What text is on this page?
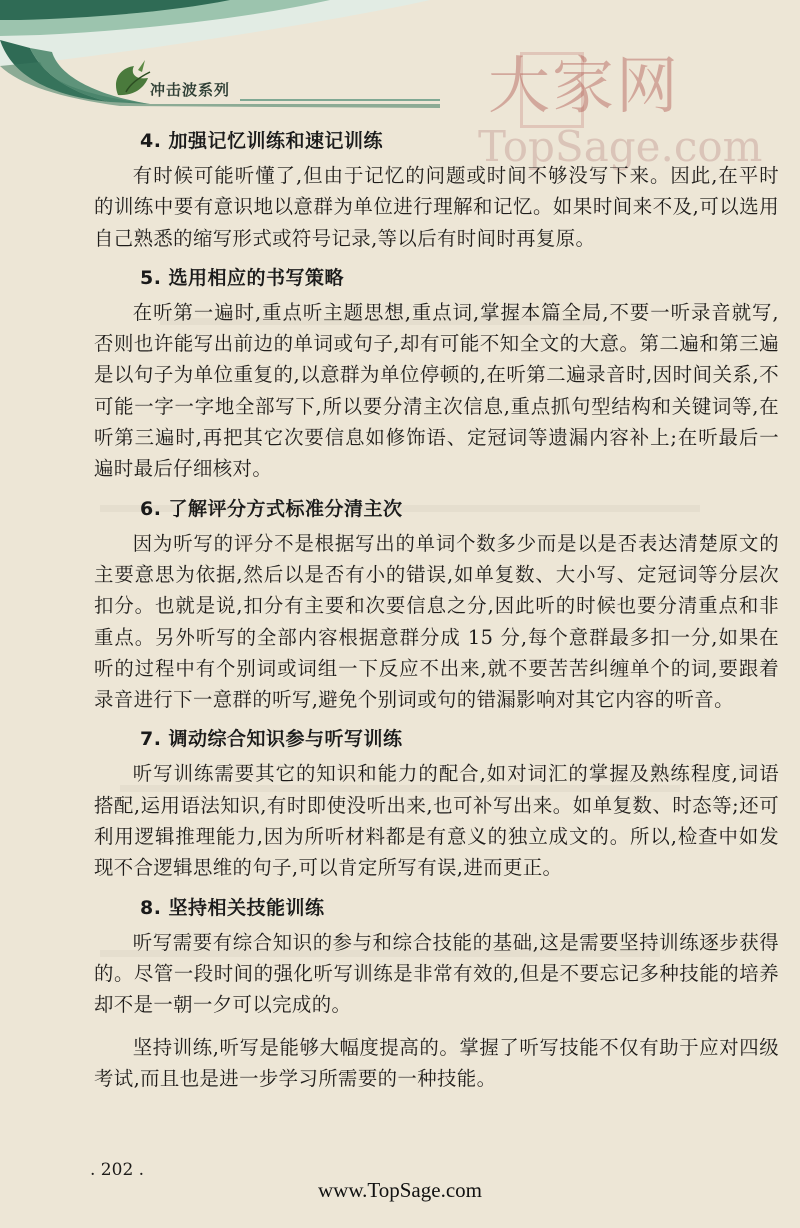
冲击波系列	大家网
TopSage.com
4. 加强记忆训练和速记训练

有时候可能听懂了,但由于记忆的问题或时间不够没写下来。因此,在平时的训练中要有意识地以意群为单位进行理解和记忆。如果时间来不及,可以选用自己熟悉的缩写形式或符号记录,等以后有时间时再复原。

5. 选用相应的书写策略

在听第一遍时,重点听主题思想,重点词,掌握本篇全局,不要一听录音就写,否则也许能写出前边的单词或句子,却有可能不知全文的大意。第二遍和第三遍是以句子为单位重复的,以意群为单位停顿的,在听第二遍录音时,因时间关系,不可能一字一字地全部写下,所以要分清主次信息,重点抓句型结构和关键词等,在听第三遍时,再把其它次要信息如修饰语、定冠词等遗漏内容补上;在听最后一遍时最后仔细核对。

6. 了解评分方式标准分清主次

因为听写的评分不是根据写出的单词个数多少而是以是否表达清楚原文的主要意思为依据,然后以是否有小的错误,如单复数、大小写、定冠词等分层次扣分。也就是说,扣分有主要和次要信息之分,因此听的时候也要分清重点和非重点。另外听写的全部内容根据意群分成 15 分,每个意群最多扣一分,如果在听的过程中有个别词或词组一下反应不出来,就不要苦苦纠缠单个的词,要跟着录音进行下一意群的听写,避免个别词或句的错漏影响对其它内容的听音。

7. 调动综合知识参与听写训练

听写训练需要其它的知识和能力的配合,如对词汇的掌握及熟练程度,词语搭配,运用语法知识,有时即使没听出来,也可补写出来。如单复数、时态等;还可利用逻辑推理能力,因为所听材料都是有意义的独立成文的。所以,检查中如发现不合逻辑思维的句子,可以肯定所写有误,进而更正。

8. 坚持相关技能训练

听写需要有综合知识的参与和综合技能的基础,这是需要坚持训练逐步获得的。尽管一段时间的强化听写训练是非常有效的,但是不要忘记多种技能的培养却不是一朝一夕可以完成的。

坚持训练,听写是能够大幅度提高的。掌握了听写技能不仅有助于应对四级考试,而且也是进一步学习所需要的一种技能。

. 202 .
www.TopSage.com
